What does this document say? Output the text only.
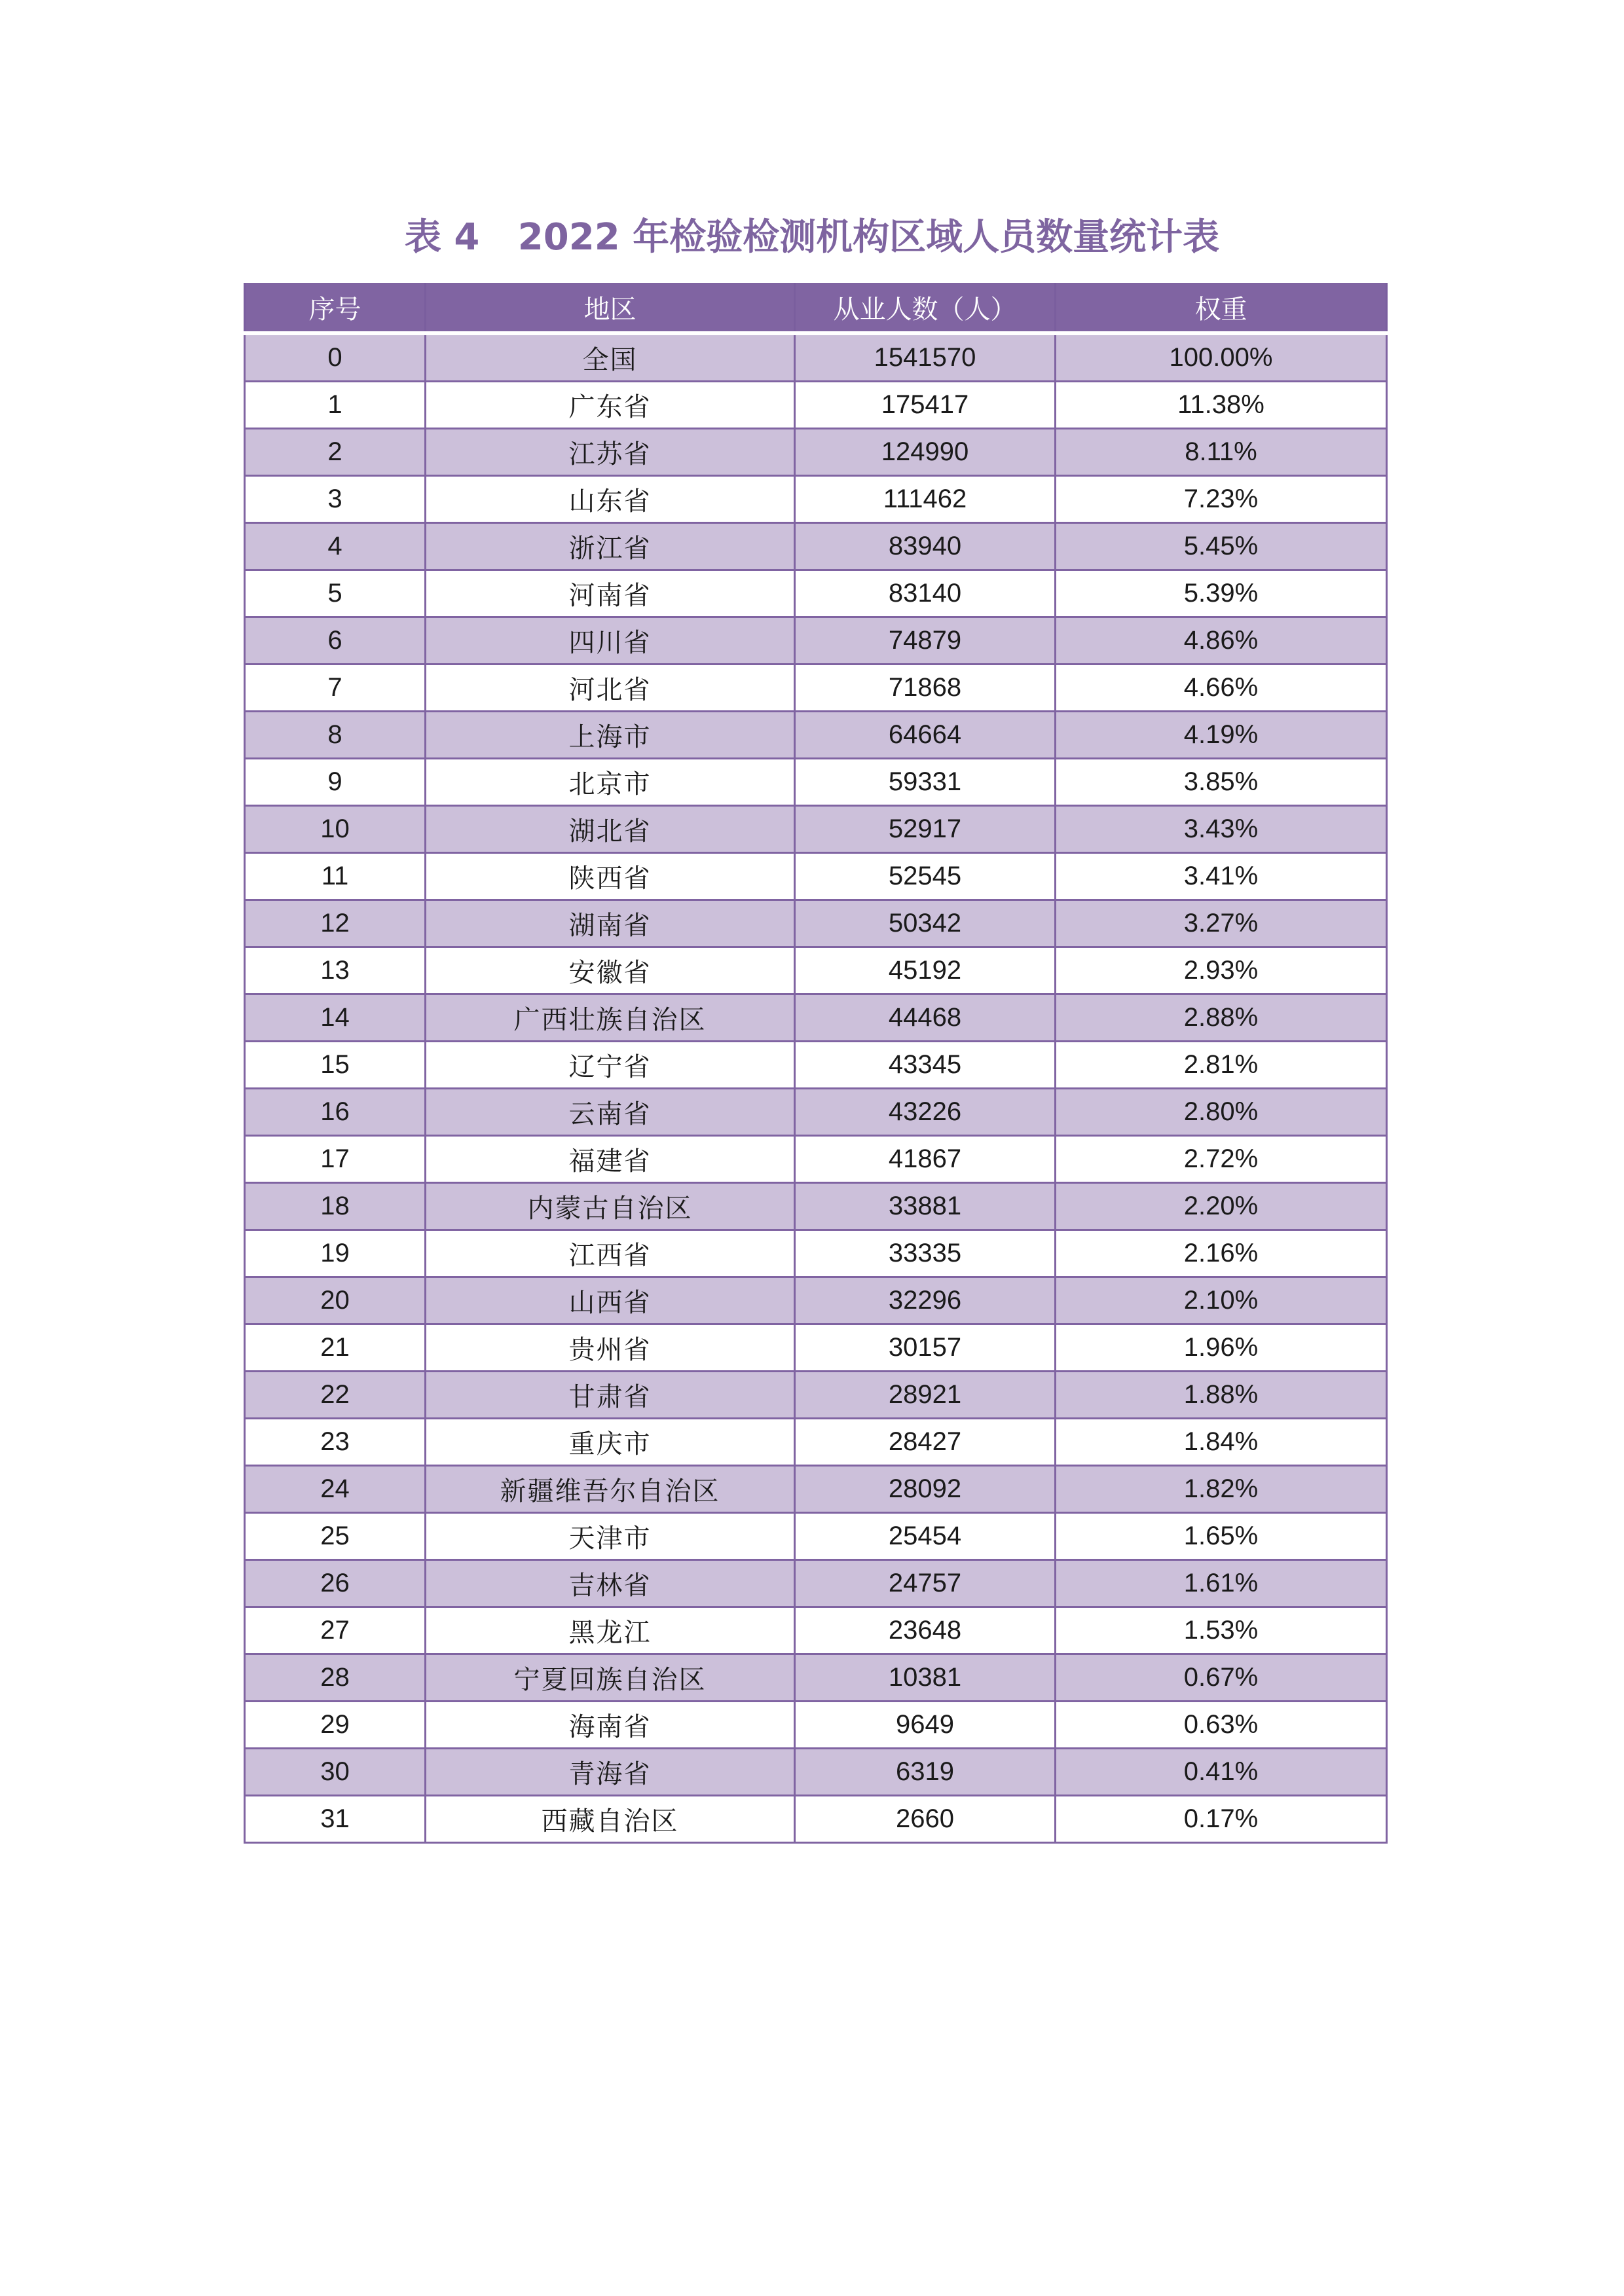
表 4   2022 年检验检测机构区域人员数量统计表
序号	地区	从业人数（人）	权重
0	全国	1541570	100.00%
1	广东省	175417	11.38%
2	江苏省	124990	8.11%
3	山东省	111462	7.23%
4	浙江省	83940	5.45%
5	河南省	83140	5.39%
6	四川省	74879	4.86%
7	河北省	71868	4.66%
8	上海市	64664	4.19%
9	北京市	59331	3.85%
10	湖北省	52917	3.43%
11	陕西省	52545	3.41%
12	湖南省	50342	3.27%
13	安徽省	45192	2.93%
14	广西壮族自治区	44468	2.88%
15	辽宁省	43345	2.81%
16	云南省	43226	2.80%
17	福建省	41867	2.72%
18	内蒙古自治区	33881	2.20%
19	江西省	33335	2.16%
20	山西省	32296	2.10%
21	贵州省	30157	1.96%
22	甘肃省	28921	1.88%
23	重庆市	28427	1.84%
24	新疆维吾尔自治区	28092	1.82%
25	天津市	25454	1.65%
26	吉林省	24757	1.61%
27	黑龙江	23648	1.53%
28	宁夏回族自治区	10381	0.67%
29	海南省	9649	0.63%
30	青海省	6319	0.41%
31	西藏自治区	2660	0.17%
